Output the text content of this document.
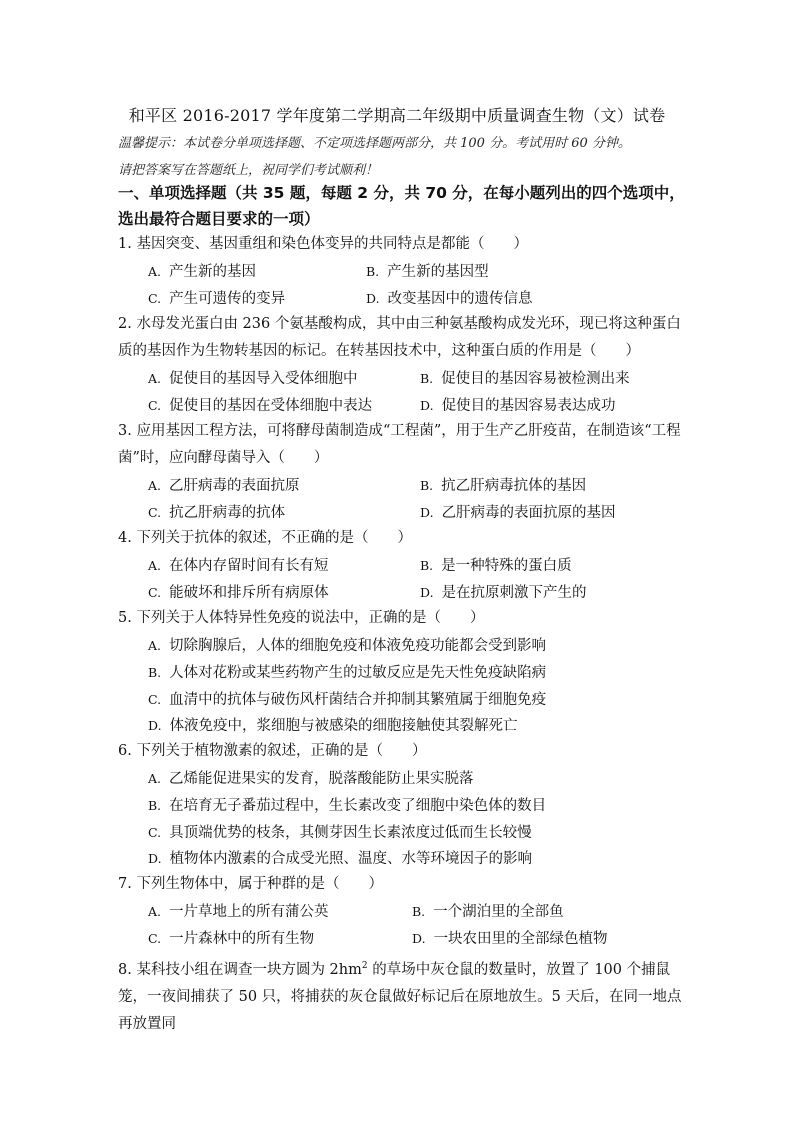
和平区 2016-2017 学年度第二学期高二年级期中质量调查生物（文）试卷
温馨提示：本试卷分单项选择题、不定项选择题两部分，共 100 分。考试用时 60 分钟。
请把答案写在答题纸上，祝同学们考试顺利！
一、单项选择题（共 35 题，每题 2 分，共 70 分，在每小题列出的四个选项中，选出最符合题目要求的一项）
1. 基因突变、基因重组和染色体变异的共同特点是都能（　　）
A. 产生新的基因	B. 产生新的基因型
C. 产生可遗传的变异	D. 改变基因中的遗传信息
2. 水母发光蛋白由 236 个氨基酸构成，其中由三种氨基酸构成发光环，现已将这种蛋白质的基因作为生物转基因的标记。在转基因技术中，这种蛋白质的作用是（　　）
A. 促使目的基因导入受体细胞中	B. 促使目的基因容易被检测出来
C. 促使目的基因在受体细胞中表达	D. 促使目的基因容易表达成功
3. 应用基因工程方法，可将酵母菌制造成“工程菌”，用于生产乙肝疫苗，在制造该“工程菌”时，应向酵母菌导入（　　）
A. 乙肝病毒的表面抗原	B. 抗乙肝病毒抗体的基因
C. 抗乙肝病毒的抗体	D. 乙肝病毒的表面抗原的基因
4. 下列关于抗体的叙述，不正确的是（　　）
A. 在体内存留时间有长有短	B. 是一种特殊的蛋白质
C. 能破坏和排斥所有病原体	D. 是在抗原刺激下产生的
5. 下列关于人体特异性免疫的说法中，正确的是（　　）
A. 切除胸腺后，人体的细胞免疫和体液免疫功能都会受到影响
B. 人体对花粉或某些药物产生的过敏反应是先天性免疫缺陷病
C. 血清中的抗体与破伤风杆菌结合并抑制其繁殖属于细胞免疫
D. 体液免疫中，浆细胞与被感染的细胞接触使其裂解死亡
6. 下列关于植物激素的叙述，正确的是（　　）
A. 乙烯能促进果实的发育，脱落酸能防止果实脱落
B. 在培育无子番茄过程中，生长素改变了细胞中染色体的数目
C. 具顶端优势的枝条，其侧芽因生长素浓度过低而生长较慢
D. 植物体内激素的合成受光照、温度、水等环境因子的影响
7. 下列生物体中，属于种群的是（　　）
A. 一片草地上的所有蒲公英	B. 一个湖泊里的全部鱼
C. 一片森林中的所有生物	D. 一块农田里的全部绿色植物
8. 某科技小组在调查一块方圆为 $2hm^2$ 的草场中灰仓鼠的数量时，放置了 100 个捕鼠笼，一夜间捕获了 50 只，将捕获的灰仓鼠做好标记后在原地放生。5 天后，在同一地点再放置同
